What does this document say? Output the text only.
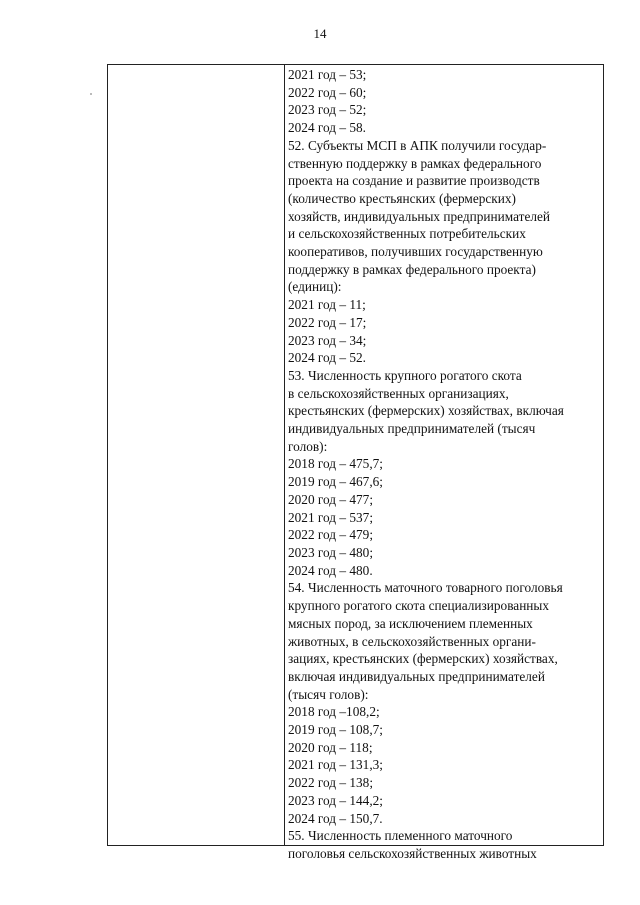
14
2021 год – 53;
2022 год – 60;
2023 год – 52;
2024 год – 58.
52. Субъекты МСП в АПК получили государ-
ственную поддержку в рамках федерального
проекта на создание и развитие производств
(количество крестьянских (фермерских)
хозяйств, индивидуальных предпринимателей
и сельскохозяйственных потребительских
кооперативов, получивших государственную
поддержку в рамках федерального проекта)
(единиц):
2021 год – 11;
2022 год – 17;
2023 год – 34;
2024 год – 52.
53. Численность крупного рогатого скота
в сельскохозяйственных организациях,
крестьянских (фермерских) хозяйствах, включая
индивидуальных предпринимателей (тысяч
голов):
2018 год – 475,7;
2019 год – 467,6;
2020 год – 477;
2021 год – 537;
2022 год – 479;
2023 год – 480;
2024 год – 480.
54. Численность маточного товарного поголовья
крупного рогатого скота специализированных
мясных пород, за исключением племенных
животных, в сельскохозяйственных органи-
зациях, крестьянских (фермерских) хозяйствах,
включая индивидуальных предпринимателей
(тысяч голов):
2018 год –108,2;
2019 год – 108,7;
2020 год – 118;
2021 год – 131,3;
2022 год – 138;
2023 год – 144,2;
2024 год – 150,7.
55. Численность племенного маточного
поголовья сельскохозяйственных животных
